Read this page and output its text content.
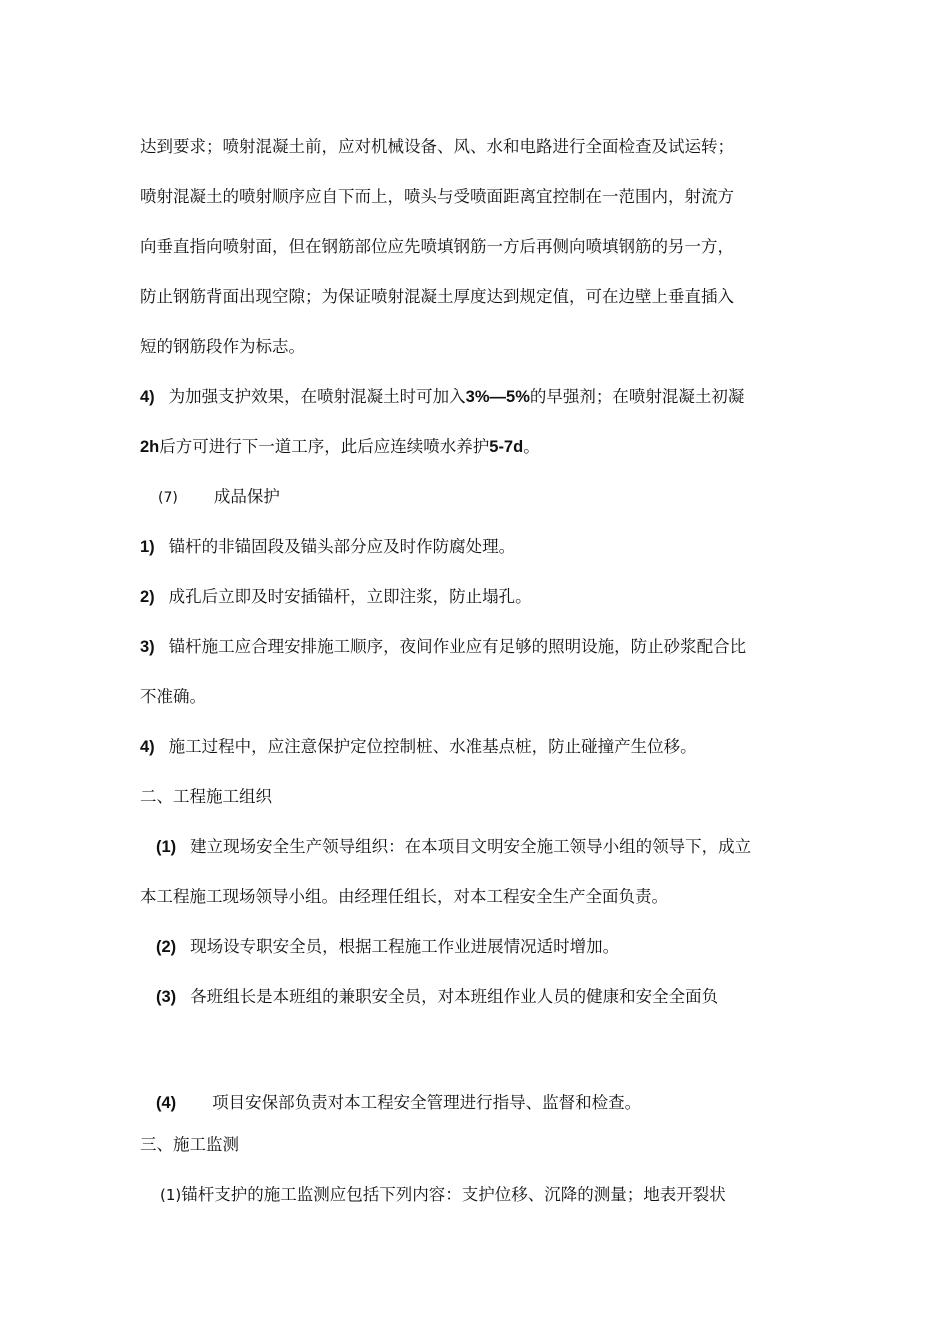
达到要求；喷射混凝土前，应对机械设备、风、水和电路进行全面检查及试运转；

喷射混凝土的喷射顺序应自下而上，喷头与受喷面距离宜控制在一范围内，射流方

向垂直指向喷射面，但在钢筋部位应先喷填钢筋一方后再侧向喷填钢筋的另一方，

防止钢筋背面出现空隙；为保证喷射混凝土厚度达到规定值，可在边壁上垂直插入

短的钢筋段作为标志。

4) 为加强支护效果，在喷射混凝土时可加入3%—5%的早强剂；在喷射混凝土初凝

2h后方可进行下一道工序，此后应连续喷水养护5-7d。

(7) 成品保护

1) 锚杆的非锚固段及锚头部分应及时作防腐处理。

2) 成孔后立即及时安插锚杆，立即注浆，防止塌孔。

3) 锚杆施工应合理安排施工顺序，夜间作业应有足够的照明设施，防止砂浆配合比

不准确。

4) 施工过程中，应注意保护定位控制桩、水准基点桩，防止碰撞产生位移。

二、工程施工组织

(1) 建立现场安全生产领导组织：在本项目文明安全施工领导小组的领导下，成立

本工程施工现场领导小组。由经理任组长，对本工程安全生产全面负责。

(2) 现场设专职安全员，根据工程施工作业进展情况适时增加。

(3) 各班组长是本班组的兼职安全员，对本班组作业人员的健康和安全全面负

(4) 项目安保部负责对本工程安全管理进行指导、监督和检查。

三、施工监测

(1)锚杆支护的施工监测应包括下列内容：支护位移、沉降的测量；地表开裂状
